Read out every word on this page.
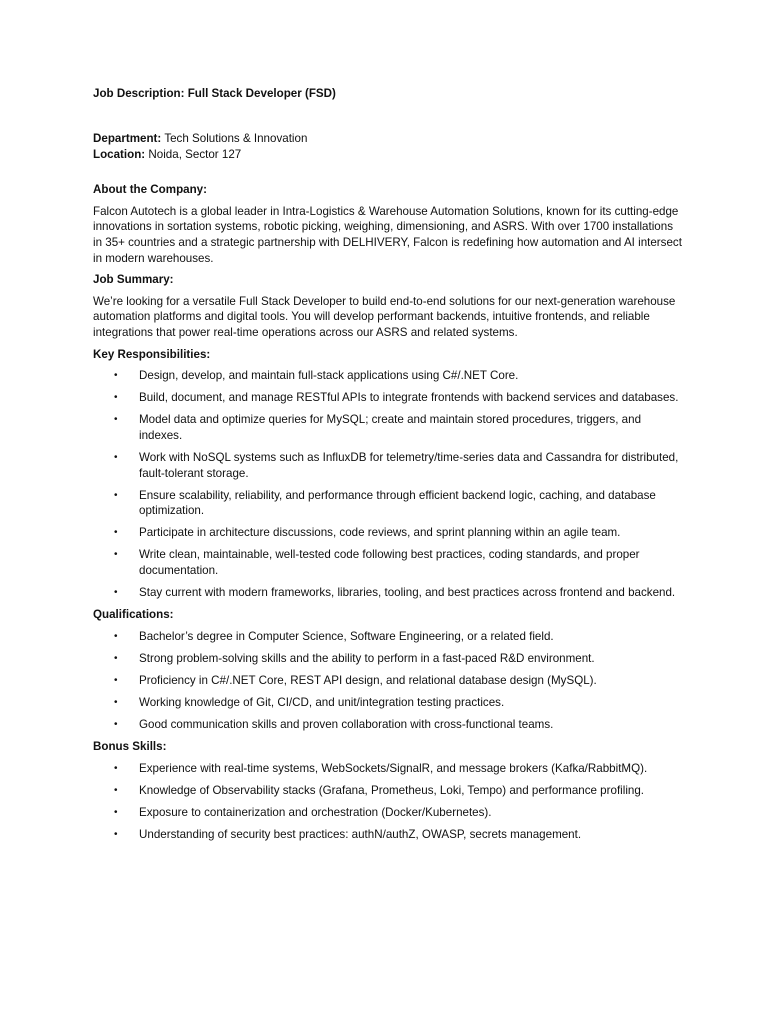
Job Description: Full Stack Developer (FSD)
Department: Tech Solutions & Innovation
Location: Noida, Sector 127
About the Company:

Falcon Autotech is a global leader in Intra-Logistics & Warehouse Automation Solutions, known for its cutting-edge innovations in sortation systems, robotic picking, weighing, dimensioning, and ASRS. With over 1700 installations in 35+ countries and a strategic partnership with DELHIVERY, Falcon is redefining how automation and AI intersect in modern warehouses.

Job Summary:

We’re looking for a versatile Full Stack Developer to build end-to-end solutions for our next-generation warehouse automation platforms and digital tools. You will develop performant backends, intuitive frontends, and reliable integrations that power real-time operations across our ASRS and related systems.

Key Responsibilities:
• Design, develop, and maintain full-stack applications using C#/.NET Core.
• Build, document, and manage RESTful APIs to integrate frontends with backend services and databases.
• Model data and optimize queries for MySQL; create and maintain stored procedures, triggers, and indexes.
• Work with NoSQL systems such as InfluxDB for telemetry/time-series data and Cassandra for distributed, fault-tolerant storage.
• Ensure scalability, reliability, and performance through efficient backend logic, caching, and database optimization.
• Participate in architecture discussions, code reviews, and sprint planning within an agile team.
• Write clean, maintainable, well-tested code following best practices, coding standards, and proper documentation.
• Stay current with modern frameworks, libraries, tooling, and best practices across frontend and backend.
Qualifications:
• Bachelor’s degree in Computer Science, Software Engineering, or a related field.
• Strong problem-solving skills and the ability to perform in a fast-paced R&D environment.
• Proficiency in C#/.NET Core, REST API design, and relational database design (MySQL).
• Working knowledge of Git, CI/CD, and unit/integration testing practices.
• Good communication skills and proven collaboration with cross-functional teams.
Bonus Skills:
• Experience with real-time systems, WebSockets/SignalR, and message brokers (Kafka/RabbitMQ).
• Knowledge of Observability stacks (Grafana, Prometheus, Loki, Tempo) and performance profiling.
• Exposure to containerization and orchestration (Docker/Kubernetes).
• Understanding of security best practices: authN/authZ, OWASP, secrets management.
